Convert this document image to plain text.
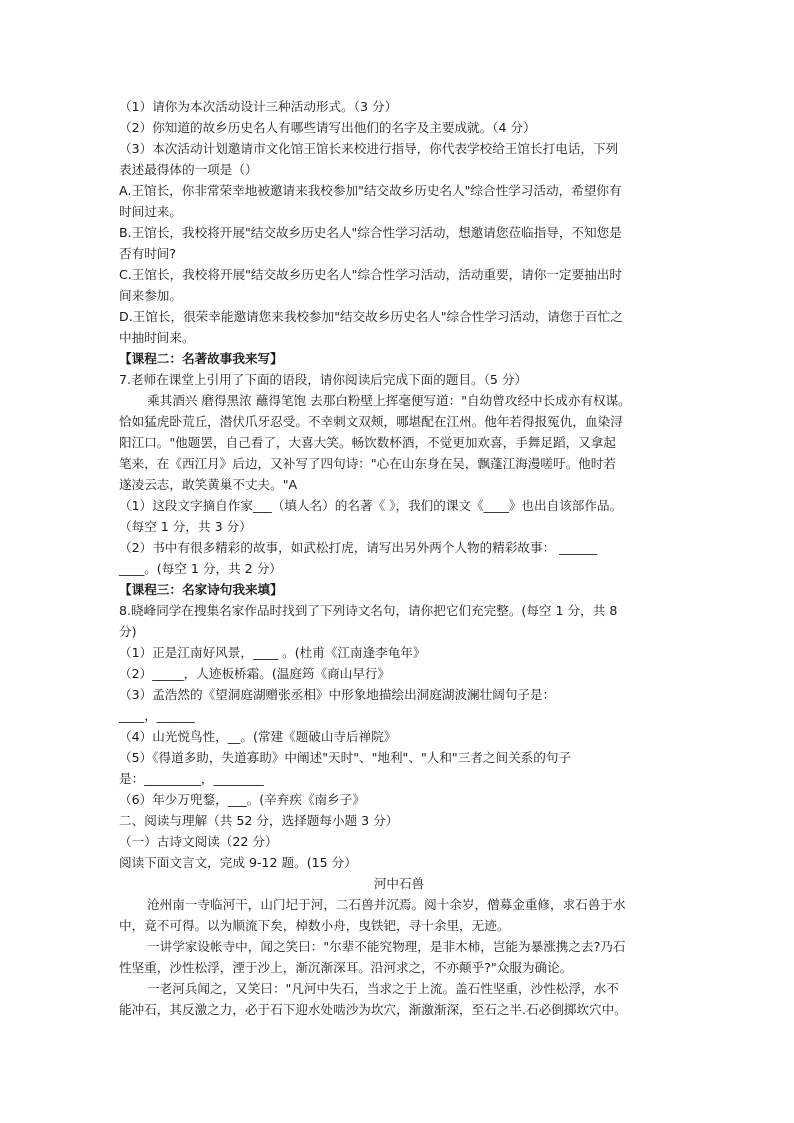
（1）请你为本次活动设计三种活动形式。（3 分）
（2）你知道的故乡历史名人有哪些请写出他们的名字及主要成就。（4 分）
（3）本次活动计划邀请市文化馆王馆长来校进行指导，你代表学校给王馆长打电话，下列
表述最得体的一项是（）
A.王馆长，你非常荣幸地被邀请来我校参加"结交故乡历史名人"综合性学习活动，希望你有
时间过来。
B.王馆长，我校将开展"结交故乡历史名人"综合性学习活动，想邀请您莅临指导，不知您是
否有时间?
C.王馆长，我校将开展"结交故乡历史名人"综合性学习活动，活动重要，请你一定要抽出时
间来参加。
D.王馆长，很荣幸能邀请您来我校参加"结交故乡历史名人"综合性学习活动，请您于百忙之
中抽时间来。
【课程二：名著故事我来写】
7.老师在课堂上引用了下面的语段，请你阅读后完成下面的题目。（5 分）
乘其酒兴 磨得黑浓 蘸得笔饱 去那白粉壁上挥毫便写道："自幼曾攻经中长成亦有权谋。
恰如猛虎卧荒丘，潜伏爪牙忍受。不幸刺文双颊，哪堪配在江州。他年若得报冤仇，血染浔
阳江口。"他题罢，自己看了，大喜大笑。畅饮数杯酒，不觉更加欢喜，手舞足蹈，又拿起
笔来，在《西江月》后边，又补写了四句诗："心在山东身在吴，飘蓬江海漫嗟吁。他时若
遂凌云志，敢笑黄巢不丈夫。"A
（1）这段文字摘自作家___（填人名）的名著《 》，我们的课文《____》也出自该部作品。
（每空 1 分，共 3 分）
（2）书中有很多精彩的故事，如武松打虎，请写出另外两个人物的精彩故事： ______
____。(每空 1 分，共 2 分）
【课程三：名家诗句我来填】
8.晓峰同学在搜集名家作品时找到了下列诗文名句，请你把它们充完整。(每空 1 分，共 8
分)
（1）正是江南好风景，____ 。(杜甫《江南逢李龟年》
（2）_____，人迹板桥霜。(温庭筠《商山早行》
（3）孟浩然的《望洞庭湖赠张丞相》中形象地描绘出洞庭湖波澜壮阔句子是：
____，______
（4）山光悦鸟性，__。(常建《题破山寺后禅院》
（5）《得道多助，失道寡助》中阐述"天时"、"地利"、"人和"三者之间关系的句子
是：_________，________
（6）年少万兜鍪，___。(辛弃疾《南乡子》
二、阅读与理解（共 52 分，选择题每小题 3 分）
（一）古诗文阅读（22 分）
阅读下面文言文，完成 9-12 题。(15 分）
河中石兽
沧州南一寺临河干，山门圮于河，二石兽并沉焉。阅十余岁，僧募金重修，求石兽于水
中，竟不可得。以为顺流下矣，棹数小舟，曳铁钯，寻十余里，无迹。
一讲学家设帐寺中，闻之笑曰："尔辈不能究物理，是非木柿，岂能为暴涨携之去?乃石
性坚重，沙性松浮，湮于沙上，渐沉渐深耳。沿河求之，不亦颠乎?"众服为确论。
一老河兵闻之，又笑曰："凡河中失石，当求之于上流。盖石性坚重，沙性松浮，水不
能冲石，其反激之力，必于石下迎水处啮沙为坎穴，渐激渐深，至石之半.石必倒掷坎穴中。
